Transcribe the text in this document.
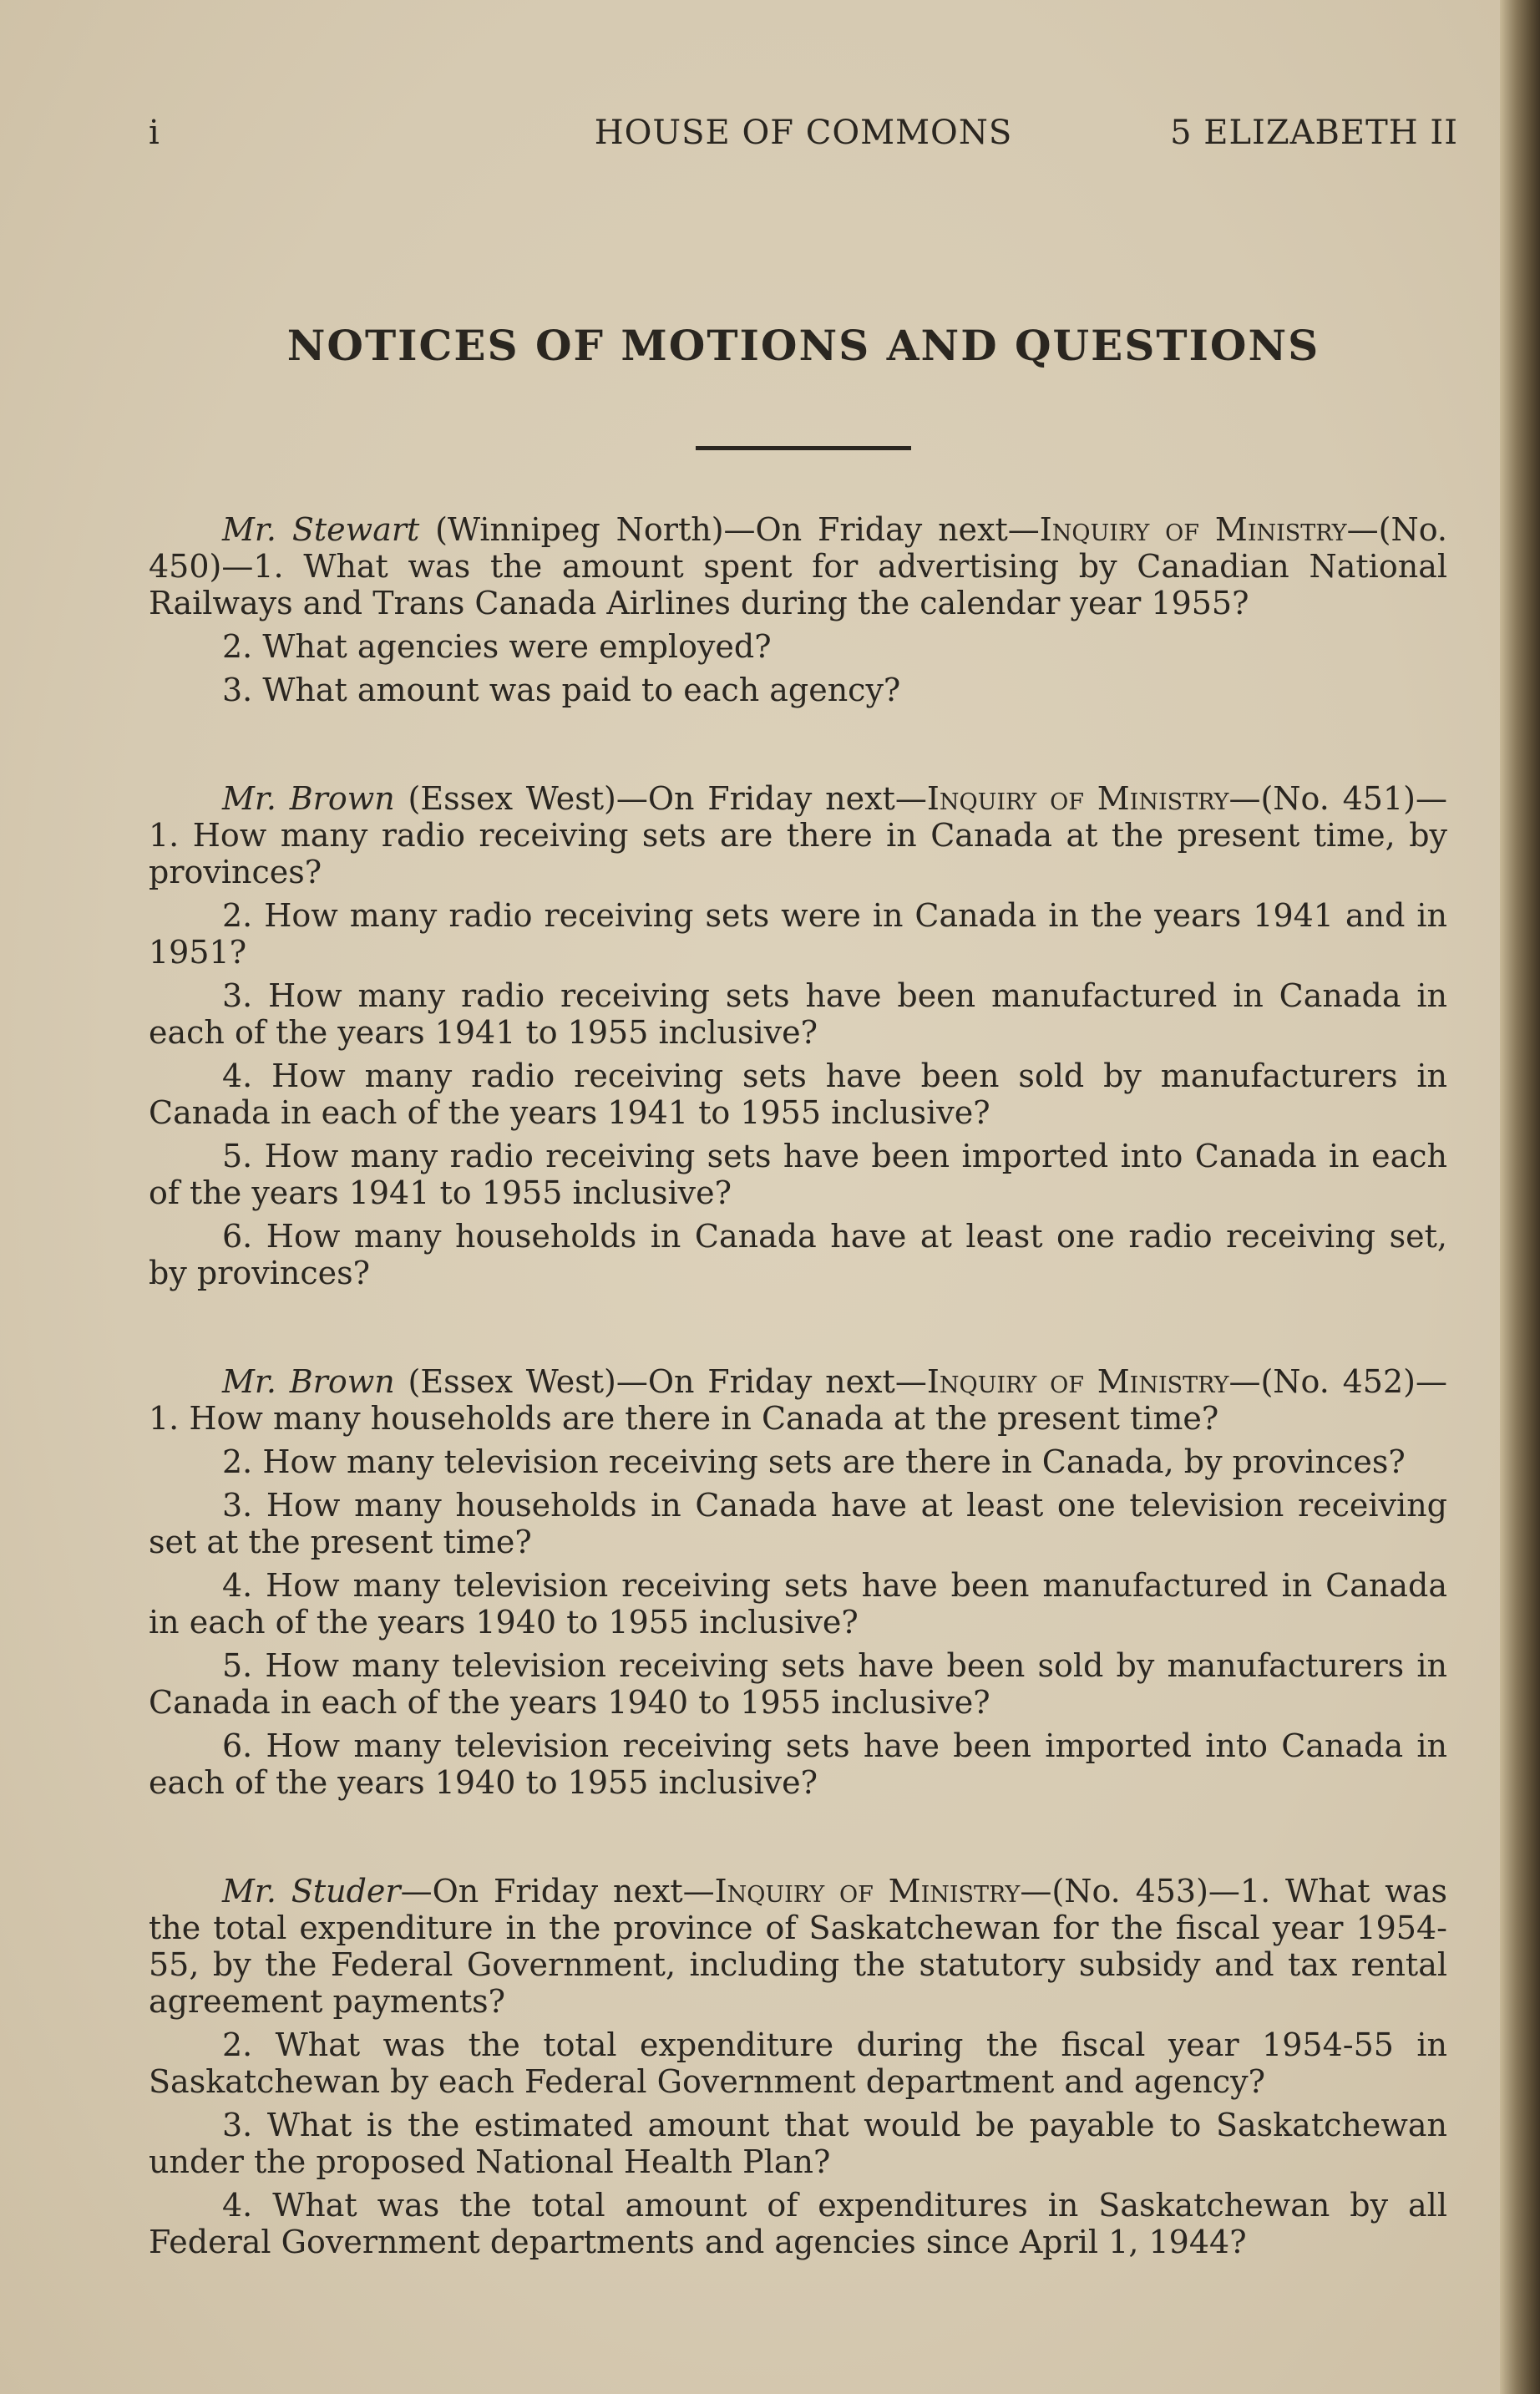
i	HOUSE OF COMMONS	5 ELIZABETH II
NOTICES OF MOTIONS AND QUESTIONS

Mr. Stewart (Winnipeg North)—On Friday next—Inquiry of Ministry—(No. 450)—1. What was the amount spent for advertising by Canadian National Railways and Trans Canada Airlines during the calendar year 1955?

2. What agencies were employed?

3. What amount was paid to each agency?

Mr. Brown (Essex West)—On Friday next—Inquiry of Ministry—(No. 451)—1. How many radio receiving sets are there in Canada at the present time, by provinces?

2. How many radio receiving sets were in Canada in the years 1941 and in 1951?

3. How many radio receiving sets have been manufactured in Canada in each of the years 1941 to 1955 inclusive?

4. How many radio receiving sets have been sold by manufacturers in Canada in each of the years 1941 to 1955 inclusive?

5. How many radio receiving sets have been imported into Canada in each of the years 1941 to 1955 inclusive?

6. How many households in Canada have at least one radio receiving set, by provinces?

Mr. Brown (Essex West)—On Friday next—Inquiry of Ministry—(No. 452)—1. How many households are there in Canada at the present time?

2. How many television receiving sets are there in Canada, by provinces?

3. How many households in Canada have at least one television receiving set at the present time?

4. How many television receiving sets have been manufactured in Canada in each of the years 1940 to 1955 inclusive?

5. How many television receiving sets have been sold by manufacturers in Canada in each of the years 1940 to 1955 inclusive?

6. How many television receiving sets have been imported into Canada in each of the years 1940 to 1955 inclusive?

Mr. Studer—On Friday next—Inquiry of Ministry—(No. 453)—1. What was the total expenditure in the province of Saskatchewan for the fiscal year 1954-55, by the Federal Government, including the statutory subsidy and tax rental agreement payments?

2. What was the total expenditure during the fiscal year 1954-55 in Saskatchewan by each Federal Government department and agency?

3. What is the estimated amount that would be payable to Saskatchewan under the proposed National Health Plan?

4. What was the total amount of expenditures in Saskatchewan by all Federal Government departments and agencies since April 1, 1944?
